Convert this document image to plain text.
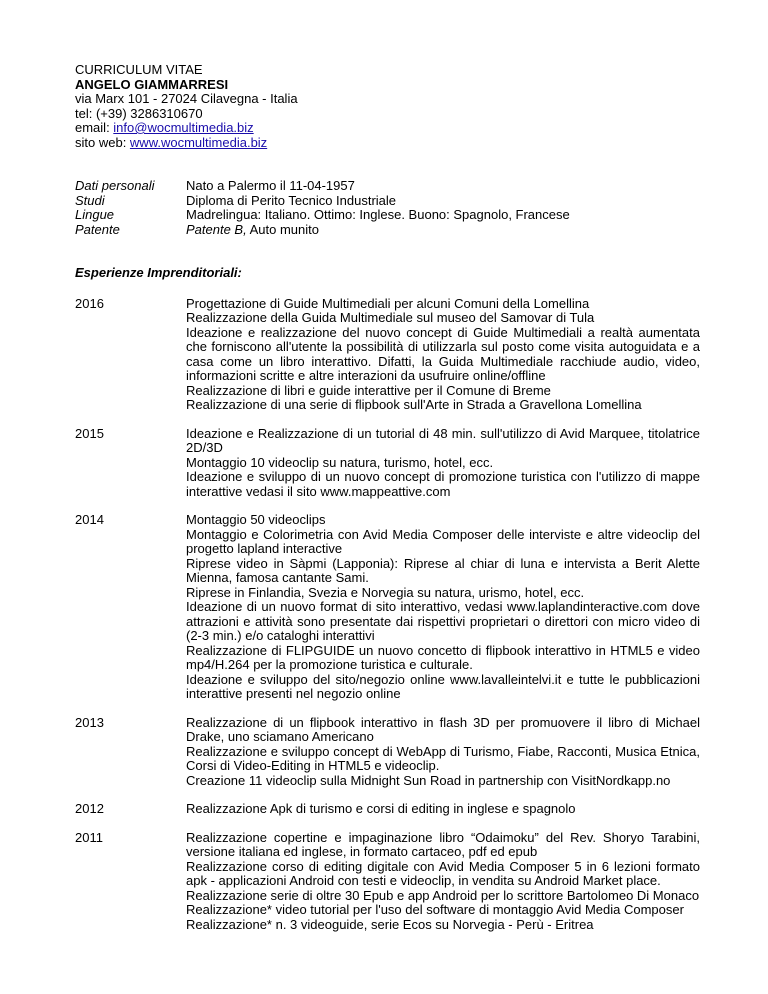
CURRICULUM VITAE
ANGELO GIAMMARRESI
via Marx 101 - 27024 Cilavegna - Italia
tel: (+39) 3286310670
email: info@wocmultimedia.biz
sito web: www.wocmultimedia.biz
Dati personali	Nato a Palermo il 11-04-1957
Studi	Diploma di Perito Tecnico Industriale
Lingue	Madrelingua: Italiano. Ottimo: Inglese. Buono: Spagnolo, Francese
Patente	Patente B, Auto munito
Esperienze Imprenditoriali:
2016	Progettazione di Guide Multimediali per alcuni Comuni della Lomellina
Realizzazione della Guida Multimediale sul museo del Samovar di Tula
Ideazione e realizzazione del nuovo concept di Guide Multimediali a realtà aumentata che forniscono all'utente la possibilità di utilizzarla sul posto come visita autoguidata e a casa come un libro interattivo. Difatti, la Guida Multimediale racchiude audio, video, informazioni scritte e altre interazioni da usufruire online/offline
Realizzazione di libri e guide interattive per il Comune di Breme
Realizzazione di una serie di flipbook sull'Arte in Strada a Gravellona Lomellina
2015	Ideazione e Realizzazione di un tutorial di 48 min. sull'utilizzo di Avid Marquee, titolatrice 2D/3D
Montaggio 10 videoclip su natura, turismo, hotel, ecc.
Ideazione e sviluppo di un nuovo concept di promozione turistica con l'utilizzo di mappe interattive vedasi il sito www.mappeattive.com
2014	Montaggio 50 videoclips
Montaggio e Colorimetria con Avid Media Composer delle interviste e altre videoclip del progetto lapland interactive
Riprese video in Sàpmi (Lapponia): Riprese al chiar di luna e intervista a Berit Alette Mienna, famosa cantante Sami.
Riprese in Finlandia, Svezia e Norvegia su natura, urismo, hotel, ecc.
Ideazione di un nuovo format di sito interattivo, vedasi www.laplandinteractive.com dove attrazioni e attività sono presentate dai rispettivi proprietari o direttori con micro video di (2-3 min.) e/o cataloghi interattivi
Realizzazione di FLIPGUIDE un nuovo concetto di flipbook interattivo in HTML5 e video mp4/H.264 per la promozione turistica e culturale.
Ideazione e sviluppo del sito/negozio online www.lavalleintelvi.it e tutte le pubblicazioni interattive presenti nel negozio online
2013	Realizzazione di un flipbook interattivo in flash 3D per promuovere il libro di Michael Drake, uno sciamano Americano
Realizzazione e sviluppo concept di WebApp di Turismo, Fiabe, Racconti, Musica Etnica, Corsi di Video-Editing in HTML5 e videoclip.
Creazione 11 videoclip sulla Midnight Sun Road in partnership con VisitNordkapp.no
2012	Realizzazione Apk di turismo e corsi di editing in inglese e spagnolo
2011	Realizzazione copertine e impaginazione libro “Odaimoku” del Rev. Shoryo Tarabini, versione italiana ed inglese, in formato cartaceo, pdf ed epub
Realizzazione corso di editing digitale con Avid Media Composer 5 in 6 lezioni formato apk - applicazioni Android con testi e videoclip, in vendita su Android Market place.
Realizzazione serie di oltre 30 Epub e app Android per lo scrittore Bartolomeo Di Monaco
Realizzazione* video tutorial per l'uso del software di montaggio Avid Media Composer
Realizzazione* n. 3 videoguide, serie Ecos su Norvegia - Perù - Eritrea
